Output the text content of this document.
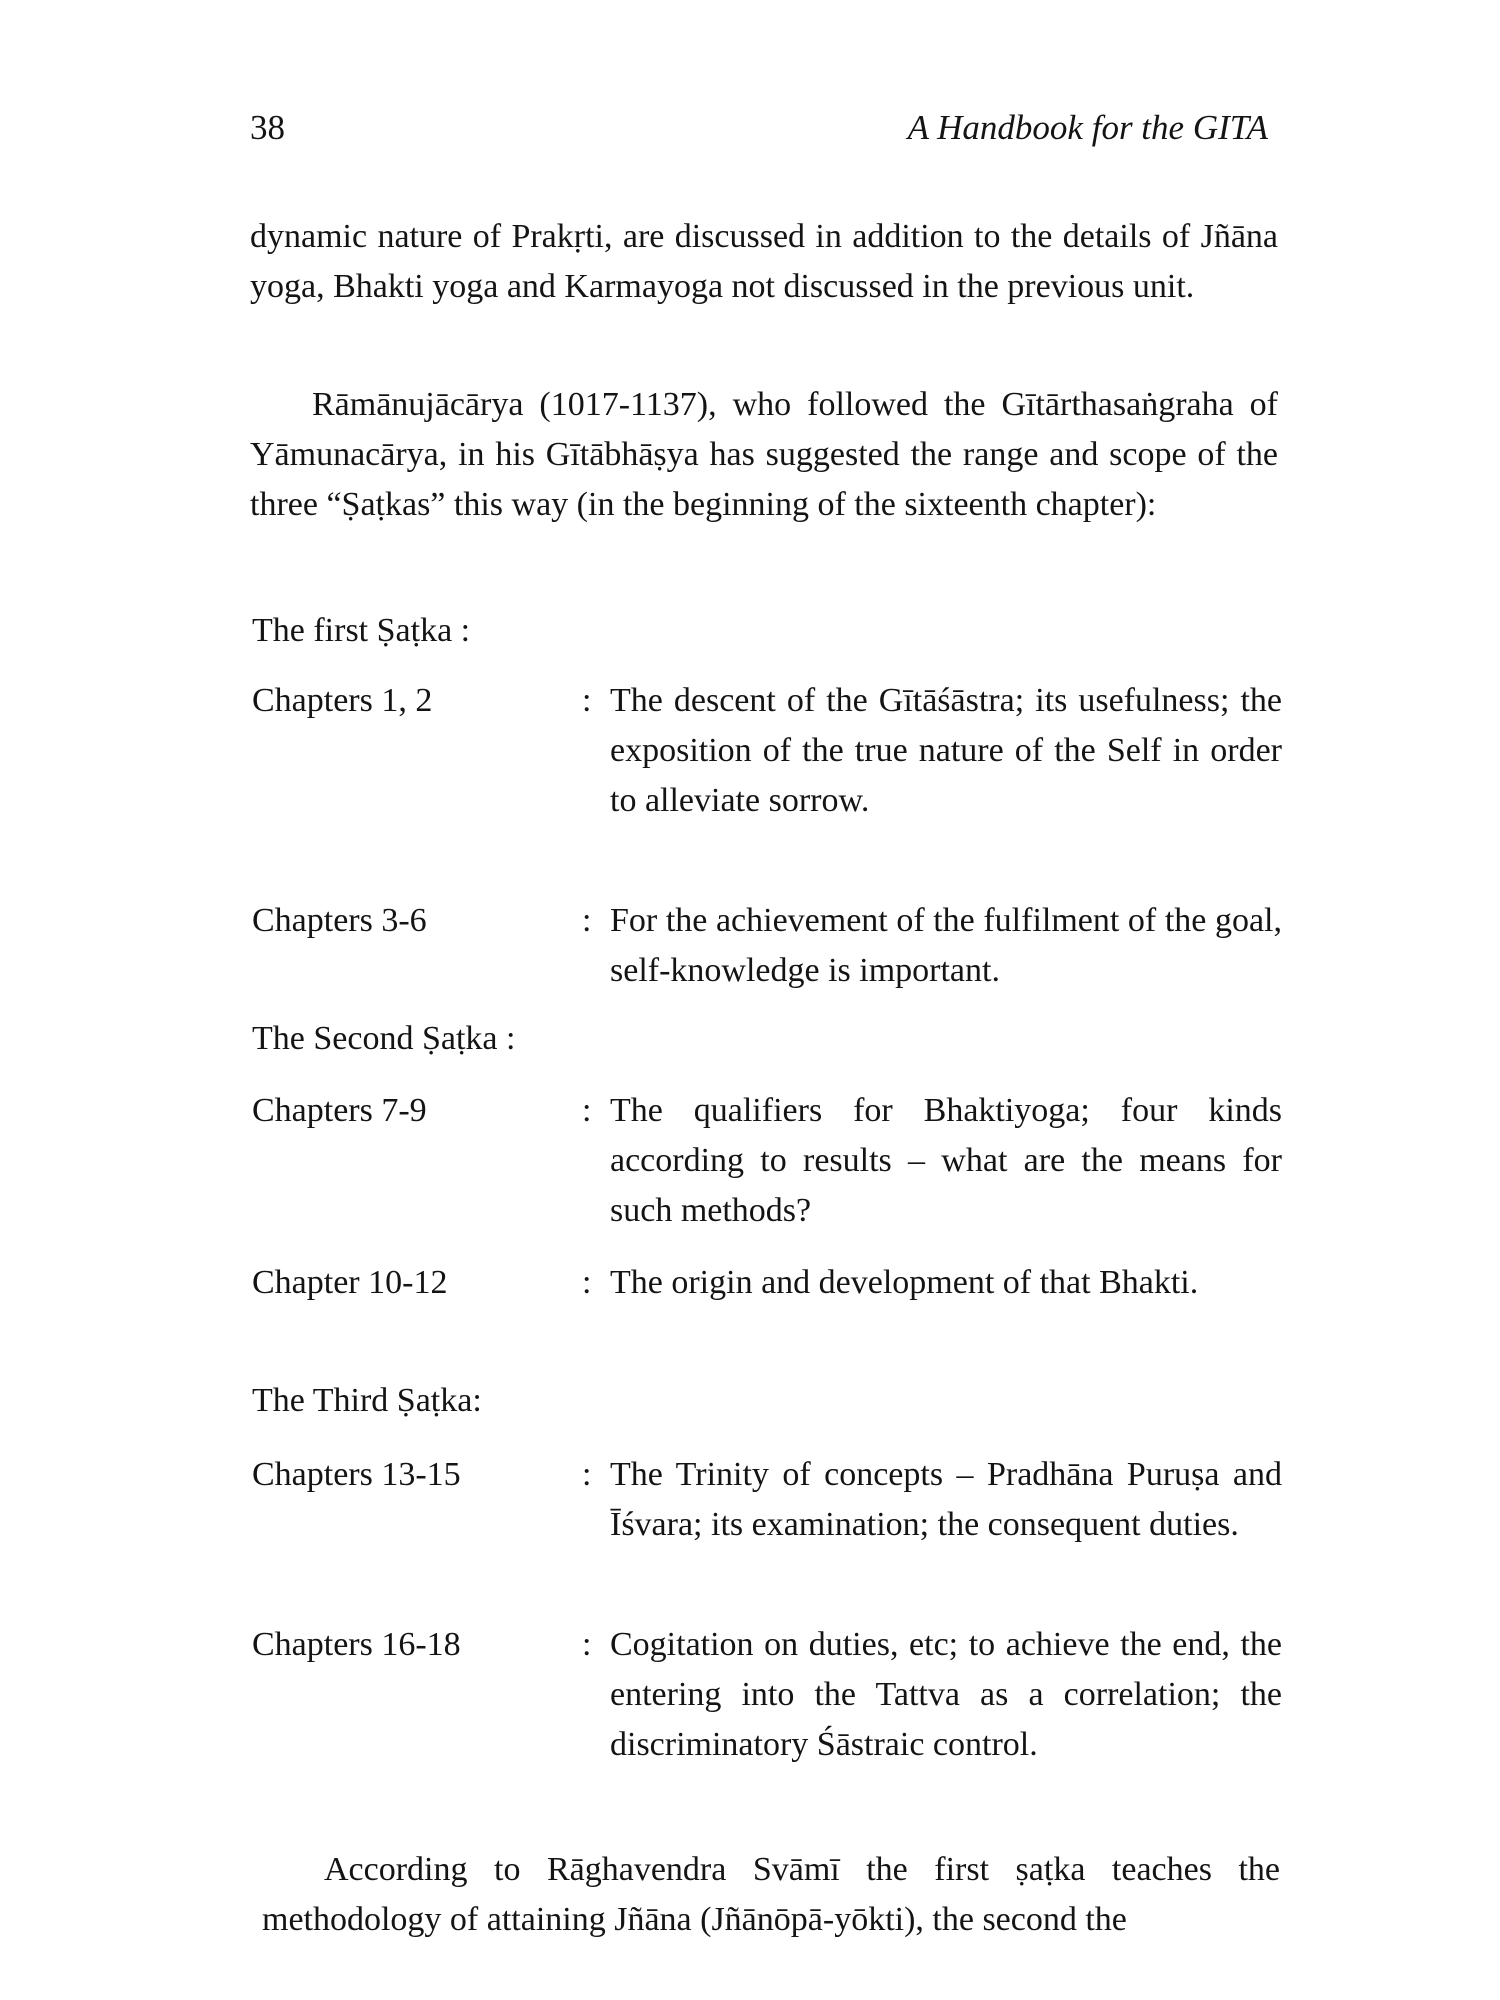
38	A Handbook for the GITA

dynamic nature of Prakṛti, are discussed in addition to the details of Jñāna yoga, Bhakti yoga and Karmayoga not discussed in the previous unit.

Rāmānujācārya (1017-1137), who followed the Gītārthasaṅgraha of Yāmunacārya, in his Gītābhāṣya has suggested the range and scope of the three “Ṣaṭkas” this way (in the beginning of the sixteenth chapter):

The first Ṣaṭka :
Chapters 1, 2	: The descent of the Gītāśāstra; its usefulness; the exposition of the true nature of the Self in order to alleviate sorrow.
Chapters 3-6	: For the achievement of the fulfilment of the goal, self-knowledge is important.
The Second Ṣaṭka :
Chapters 7-9	: The qualifiers for Bhaktiyoga; four kinds according to results – what are the means for such methods?
Chapter 10-12	: The origin and development of that Bhakti.
The Third Ṣaṭka:
Chapters 13-15	: The Trinity of concepts – Pradhāna Puruṣa and Īśvara; its examination; the consequent duties.
Chapters 16-18	: Cogitation on duties, etc; to achieve the end, the entering into the Tattva as a correlation; the discriminatory Śāstraic control.

According to Rāghavendra Svāmī the first ṣaṭka teaches the methodology of attaining Jñāna (Jñānōpā-yōkti), the second the
